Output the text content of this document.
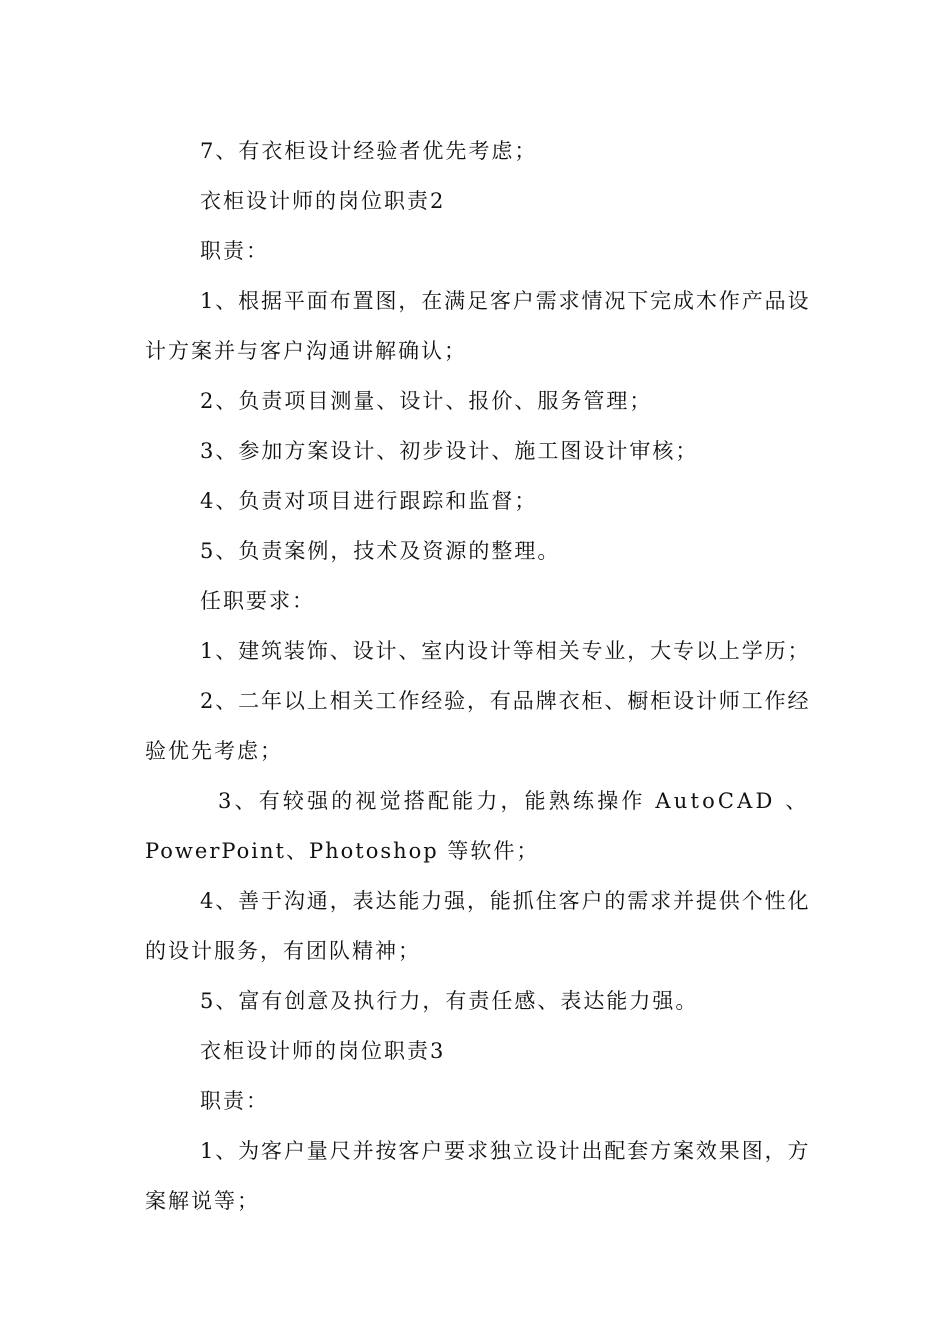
7、有衣柜设计经验者优先考虑；
衣柜设计师的岗位职责2
职责：
1、根据平面布置图，在满足客户需求情况下完成木作产品设
计方案并与客户沟通讲解确认；
2、负责项目测量、设计、报价、服务管理；
3、参加方案设计、初步设计、施工图设计审核；
4、负责对项目进行跟踪和监督；
5、负责案例，技术及资源的整理。
任职要求：
1、建筑装饰、设计、室内设计等相关专业，大专以上学历；
2、二年以上相关工作经验，有品牌衣柜、橱柜设计师工作经
验优先考虑；
3、有较强的视觉搭配能力，能熟练操作 AutoCAD 、
PowerPoint、Photoshop 等软件；
4、善于沟通，表达能力强，能抓住客户的需求并提供个性化
的设计服务，有团队精神；
5、富有创意及执行力，有责任感、表达能力强。
衣柜设计师的岗位职责3
职责：
1、为客户量尺并按客户要求独立设计出配套方案效果图，方
案解说等；
